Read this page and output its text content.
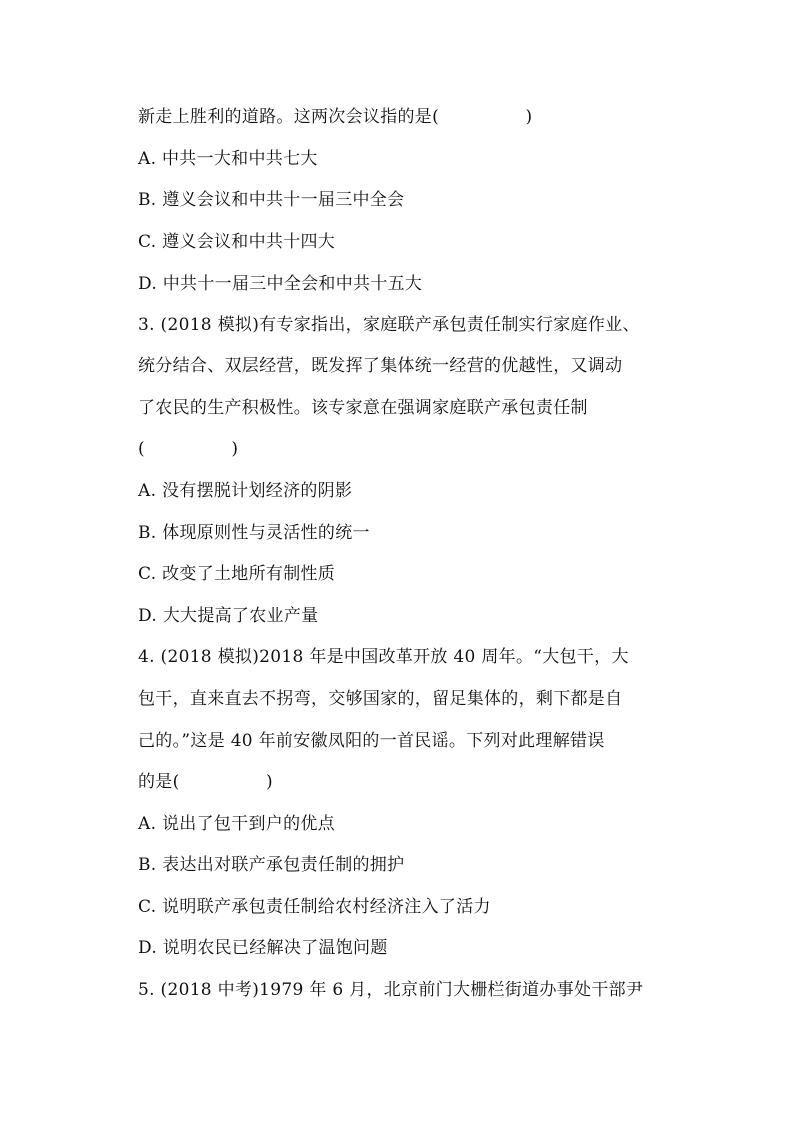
新走上胜利的道路。这两次会议指的是(　　　　　)
A. 中共一大和中共七大
B. 遵义会议和中共十一届三中全会
C. 遵义会议和中共十四大
D. 中共十一届三中全会和中共十五大
3. (2018 模拟)有专家指出，家庭联产承包责任制实行家庭作业、
统分结合、双层经营，既发挥了集体统一经营的优越性，又调动
了农民的生产积极性。该专家意在强调家庭联产承包责任制
(　　　　　)
A. 没有摆脱计划经济的阴影
B. 体现原则性与灵活性的统一
C. 改变了土地所有制性质
D. 大大提高了农业产量
4. (2018 模拟)2018 年是中国改革开放 40 周年。“大包干，大
包干，直来直去不拐弯，交够国家的，留足集体的，剩下都是自
己的。”这是 40 年前安徽凤阳的一首民谣。下列对此理解错误
的是(　　　　　)
A. 说出了包干到户的优点
B. 表达出对联产承包责任制的拥护
C. 说明联产承包责任制给农村经济注入了活力
D. 说明农民已经解决了温饱问题
5. (2018 中考)1979 年 6 月，北京前门大栅栏街道办事处干部尹
